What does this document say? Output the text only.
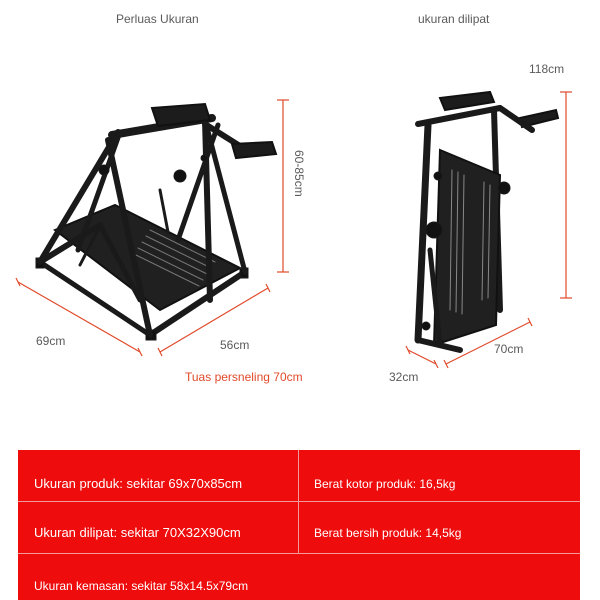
Perluas Ukuran	ukuran dilipat
60-85cm
69cm	56cm
Tuas persneling 70cm
118cm
70cm
32cm
Ukuran produk: sekitar 69x70x85cm	Berat kotor produk: 16,5kg
Ukuran dilipat: sekitar 70X32X90cm	Berat bersih produk: 14,5kg
Ukuran kemasan: sekitar 58x14.5x79cm
